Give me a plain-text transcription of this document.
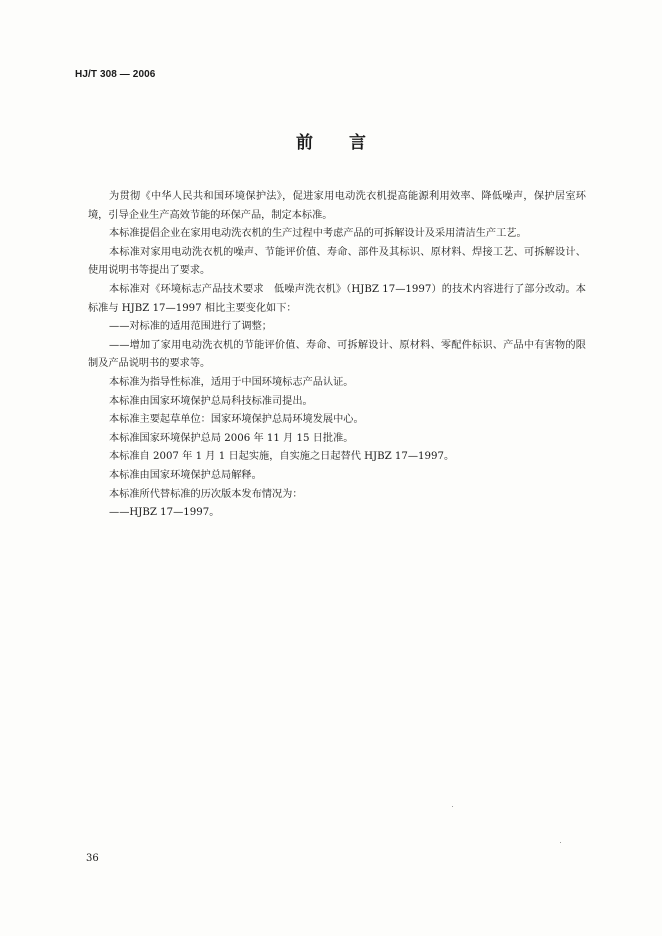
HJ/T 308 — 2006
前 言

为贯彻《中华人民共和国环境保护法》，促进家用电动洗衣机提高能源利用效率、降低噪声，保护居室环境，引导企业生产高效节能的环保产品，制定本标准。

本标准提倡企业在家用电动洗衣机的生产过程中考虑产品的可拆解设计及采用清洁生产工艺。

本标准对家用电动洗衣机的噪声、节能评价值、寿命、部件及其标识、原材料、焊接工艺、可拆解设计、使用说明书等提出了要求。

本标准对《环境标志产品技术要求　低噪声洗衣机》（HJBZ 17—1997）的技术内容进行了部分改动。本标准与 HJBZ 17—1997 相比主要变化如下：

——对标准的适用范围进行了调整；

——增加了家用电动洗衣机的节能评价值、寿命、可拆解设计、原材料、零配件标识、产品中有害物的限制及产品说明书的要求等。

本标准为指导性标准，适用于中国环境标志产品认证。

本标准由国家环境保护总局科技标准司提出。

本标准主要起草单位：国家环境保护总局环境发展中心。

本标准国家环境保护总局 2006 年 11 月 15 日批准。

本标准自 2007 年 1 月 1 日起实施，自实施之日起替代 HJBZ 17—1997。

本标准由国家环境保护总局解释。

本标准所代替标准的历次版本发布情况为：

——HJBZ 17—1997。

36
